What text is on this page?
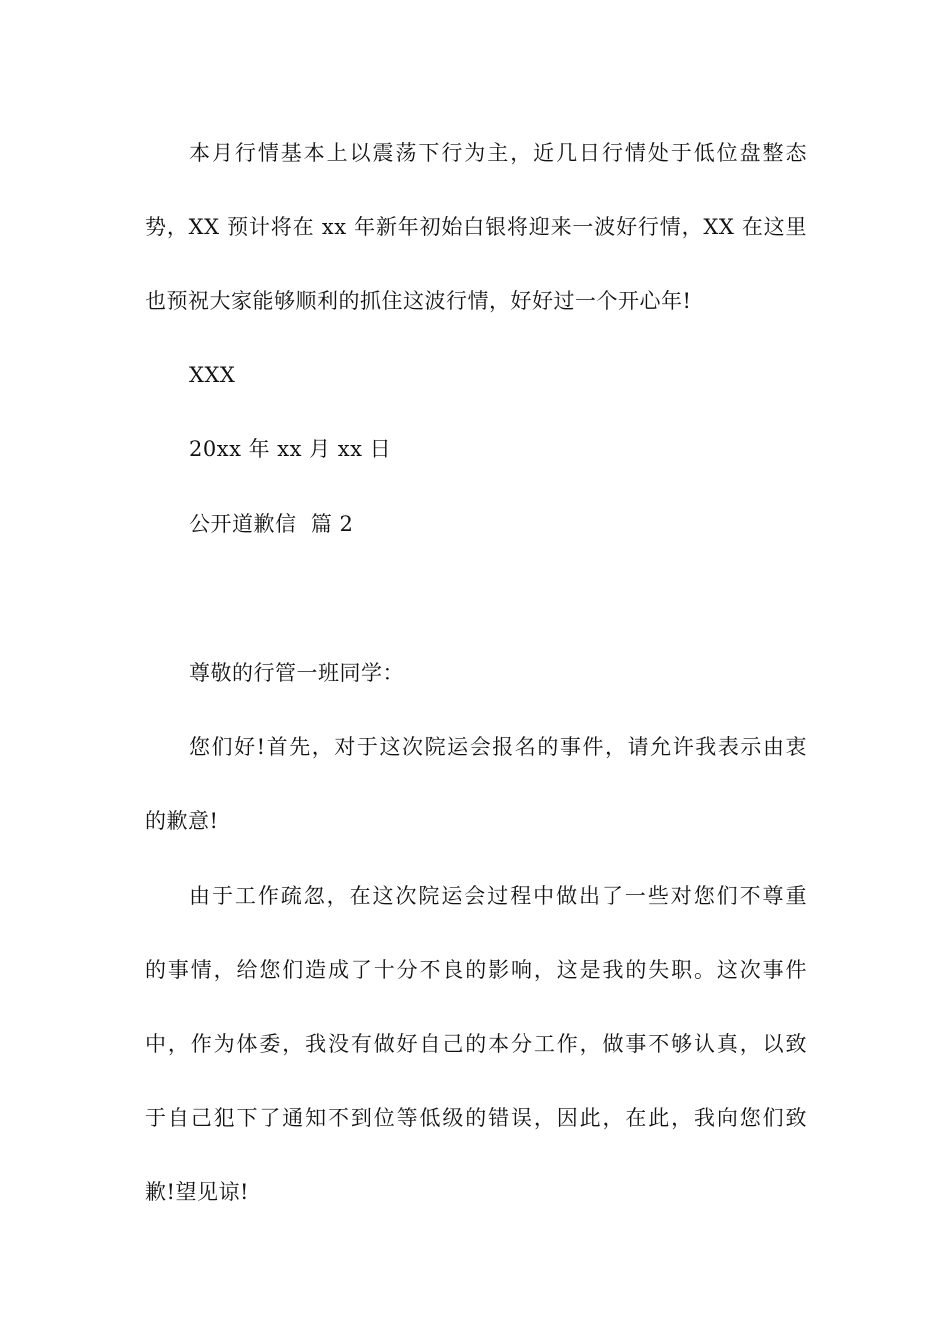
本月行情基本上以震荡下行为主，近几日行情处于低位盘整态
势，XX 预计将在 xx 年新年初始白银将迎来一波好行情，XX 在这里
也预祝大家能够顺利的抓住这波行情，好好过一个开心年!
XXX
20xx 年 xx 月 xx 日
公开道歉信  篇 2
尊敬的行管一班同学：
您们好!首先，对于这次院运会报名的事件，请允许我表示由衷
的歉意!
由于工作疏忽，在这次院运会过程中做出了一些对您们不尊重
的事情，给您们造成了十分不良的影响，这是我的失职。这次事件
中，作为体委，我没有做好自己的本分工作，做事不够认真，以致
于自己犯下了通知不到位等低级的错误，因此，在此，我向您们致
歉!望见谅!
